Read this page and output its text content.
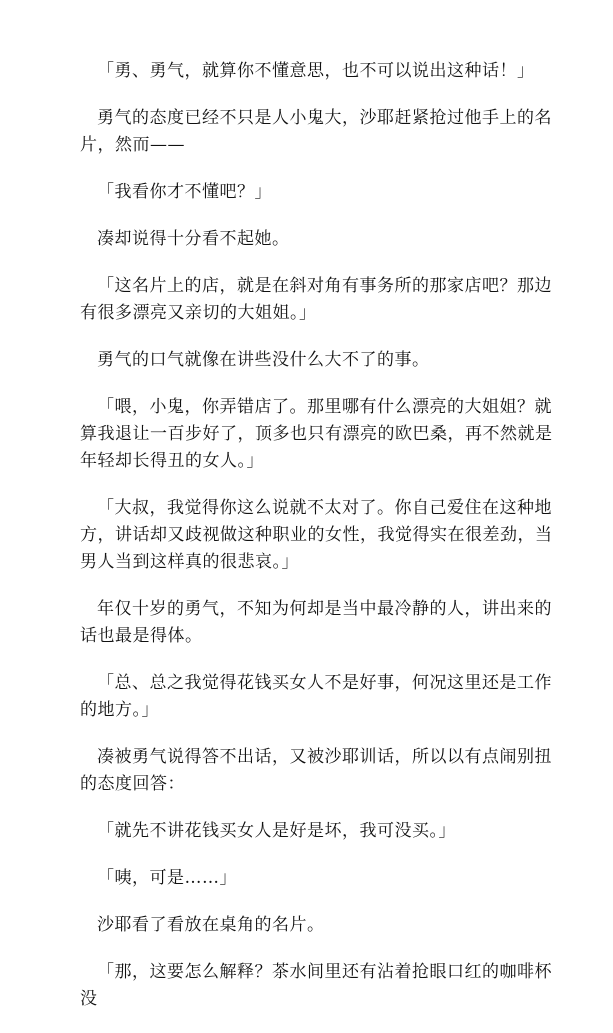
「勇、勇气，就算你不懂意思，也不可以说出这种话！」

勇气的态度已经不只是人小鬼大，沙耶赶紧抢过他手上的名片，然而——

「我看你才不懂吧？」

凑却说得十分看不起她。

「这名片上的店，就是在斜对角有事务所的那家店吧？那边有很多漂亮又亲切的大姐姐。」

勇气的口气就像在讲些没什么大不了的事。

「喂，小鬼，你弄错店了。那里哪有什么漂亮的大姐姐？就算我退让一百步好了，顶多也只有漂亮的欧巴桑，再不然就是年轻却长得丑的女人。」

「大叔，我觉得你这么说就不太对了。你自己爱住在这种地方，讲话却又歧视做这种职业的女性，我觉得实在很差劲，当男人当到这样真的很悲哀。」

年仅十岁的勇气，不知为何却是当中最冷静的人，讲出来的话也最是得体。

「总、总之我觉得花钱买女人不是好事，何况这里还是工作的地方。」

凑被勇气说得答不出话，又被沙耶训话，所以以有点闹别扭的态度回答：

「就先不讲花钱买女人是好是坏，我可没买。」

「咦，可是……」

沙耶看了看放在桌角的名片。

「那，这要怎么解释？茶水间里还有沾着抢眼口红的咖啡杯没
